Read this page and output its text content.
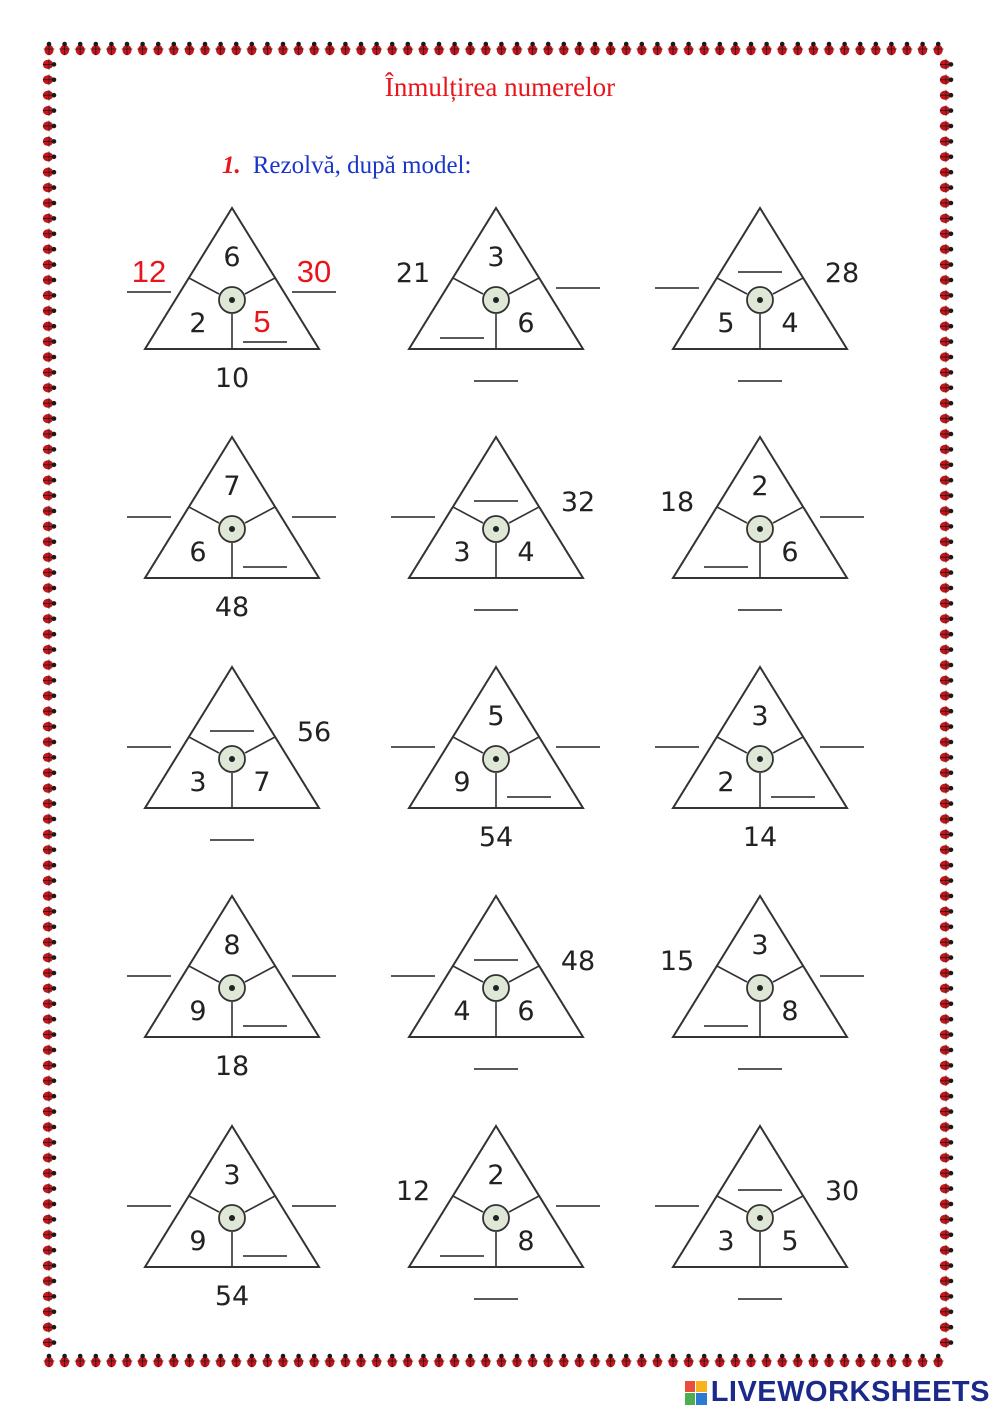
Înmulțirea numerelor
1. Rezolvă, după model:
6
2 5
12	30
10
3
6
21
5 4
28
7
6
48
3 4
32
2
6
18
3 7
56
5
9
54
3
2
14
8
9
18
4 6
48
3
8
15
3
9
54
2
8
12
3 5
30
LIVEWORKSHEETS
